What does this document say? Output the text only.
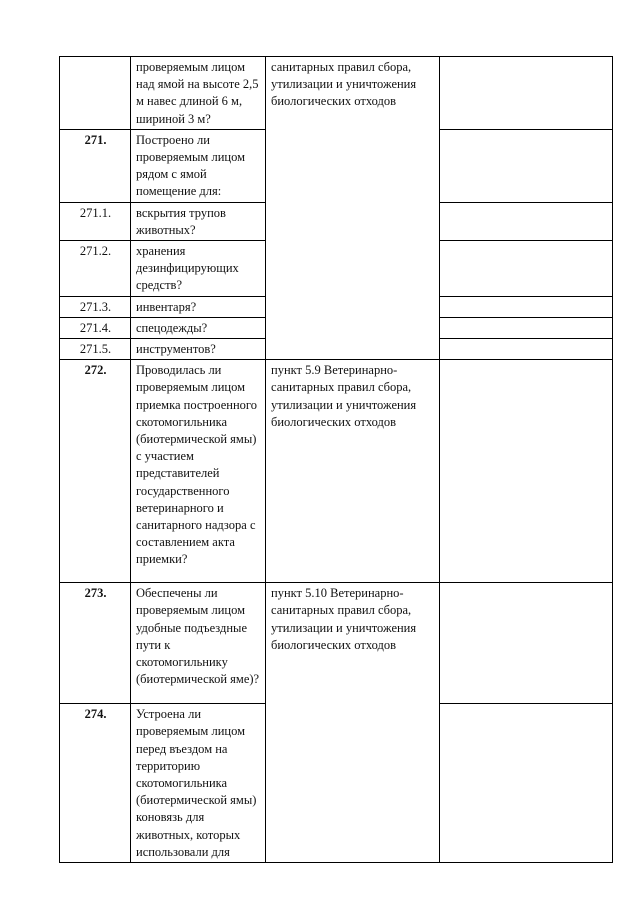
	проверяемым лицом над ямой на высоте 2,5 м навес длиной 6 м, шириной 3 м?	санитарных правил сбора, утилизации и уничтожения биологических отходов	

271.	Построено ли проверяемым лицом рядом с ямой помещение для:		
271.1.	вскрытия трупов животных?		
271.2.	хранения дезинфицирующих средств?		
271.3.	инвентаря?		
271.4.	спецодежды?		
271.5.	инструментов?		
272.	Проводилась ли проверяемым лицом приемка построенного скотомогильника (биотермической ямы) с участием представителей государственного ветеринарного и санитарного надзора с составлением акта приемки?	пункт 5.9 Ветеринарно-санитарных правил сбора, утилизации и уничтожения биологических отходов	

273.	Обеспечены ли проверяемым лицом удобные подъездные пути к скотомогильнику (биотермической яме)?	пункт 5.10 Ветеринарно-санитарных правил сбора, утилизации и уничтожения биологических отходов	

274.	Устроена ли проверяемым лицом перед въездом на территорию скотомогильника (биотермической ямы) коновязь для животных, которых использовали для		
